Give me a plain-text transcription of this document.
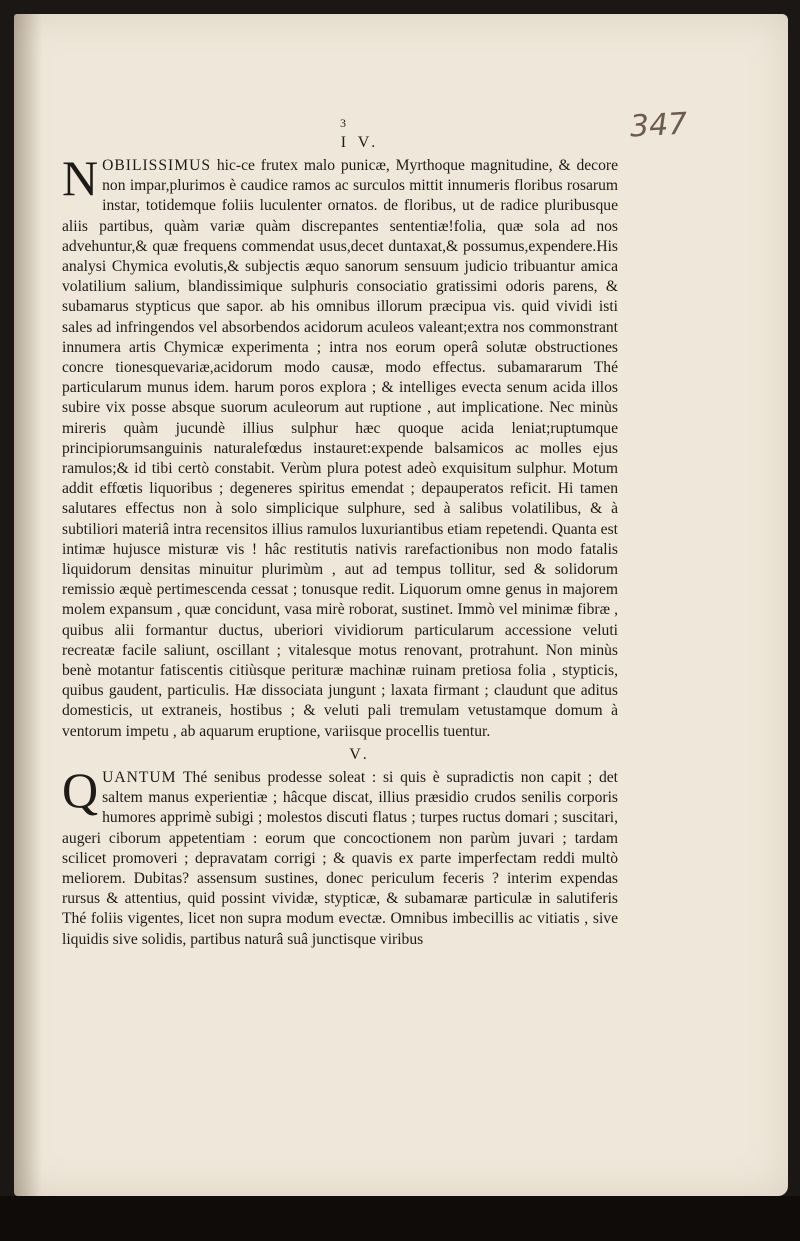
3	347
I V.

N OBILISSIMUS hic-ce frutex malo punicæ, Myrthoque magnitudine, & decore non impar,plurimos è caudice ramos ac surculos mittit innumeris floribus rosarum instar, totidemque foliis luculenter ornatos. de floribus, ut de radice pluribusque aliis partibus, quàm variæ quàm discrepantes sententiæ!folia, quæ sola ad nos advehuntur,& quæ frequens commendat usus,decet duntaxat,& possumus,expendere.His analysi Chymica evolutis,& subjectis æquo sanorum sensuum judicio tribuantur amica volatilium salium, blandissimique sulphuris consociatio gratissimi odoris parens, & subamarus stypticus que sapor. ab his omnibus illorum præcipua vis. quid vividi isti sales ad infringendos vel absorbendos acidorum aculeos valeant;extra nos commonstrant innumera artis Chymicæ experimenta ; intra nos eorum operâ solutæ obstructiones concre tionesquevariæ,acidorum modo causæ, modo effectus. subamararum Thé particularum munus idem. harum poros explora ; & intelliges evecta senum acida illos subire vix posse absque suorum aculeorum aut ruptione , aut implicatione. Nec minùs mireris quàm jucundè illius sulphur hæc quoque acida leniat;ruptumque principiorumsanguinis naturalefœdus instauret:expende balsamicos ac molles ejus ramulos;& id tibi certò constabit. Verùm plura potest adeò exquisitum sulphur. Motum addit effœtis liquoribus ; degeneres spiritus emendat ; depauperatos reficit. Hi tamen salutares effectus non à solo simplicique sulphure, sed à salibus volatilibus, & à subtiliori materiâ intra recensitos illius ramulos luxuriantibus etiam repetendi. Quanta est intimæ hujusce misturæ vis ! hâc restitutis nativis rarefactionibus non modo fatalis liquidorum densitas minuitur plurimùm , aut ad tempus tollitur, sed & solidorum remissio æquè pertimescenda cessat ; tonusque redit. Liquorum omne genus in majorem molem expansum , quæ concidunt, vasa mirè roborat, sustinet. Immò vel minimæ fibræ , quibus alii formantur ductus, uberiori vividiorum particularum accessione veluti recreatæ facile saliunt, oscillant ; vitalesque motus renovant, protrahunt. Non minùs benè motantur fatiscentis citiùsque perituræ machinæ ruinam pretiosa folia , stypticis, quibus gaudent, particulis. Hæ dissociata jungunt ; laxata firmant ; claudunt que aditus domesticis, ut extraneis, hostibus ; & veluti pali tremulam vetustamque domum à ventorum impetu , ab aquarum eruptione, variisque procellis tuentur.

V.

Q UANTUM Thé senibus prodesse soleat : si quis è supradictis non capit ; det saltem manus experientiæ ; hâcque discat, illius præsidio crudos senilis corporis humores apprimè subigi ; molestos discuti flatus ; turpes ructus domari ; suscitari, augeri ciborum appetentiam : eorum que concoctionem non parùm juvari ; tardam scilicet promoveri ; depravatam corrigi ; & quavis ex parte imperfectam reddi multò meliorem. Dubitas? assensum sustines, donec periculum feceris ? interim expendas rursus & attentius, quid possint vividæ, stypticæ, & subamaræ particulæ in salutiferis Thé foliis vigentes, licet non supra modum evectæ. Omnibus imbecillis ac vitiatis , sive liquidis sive solidis, partibus naturâ suâ junctisque viribus
